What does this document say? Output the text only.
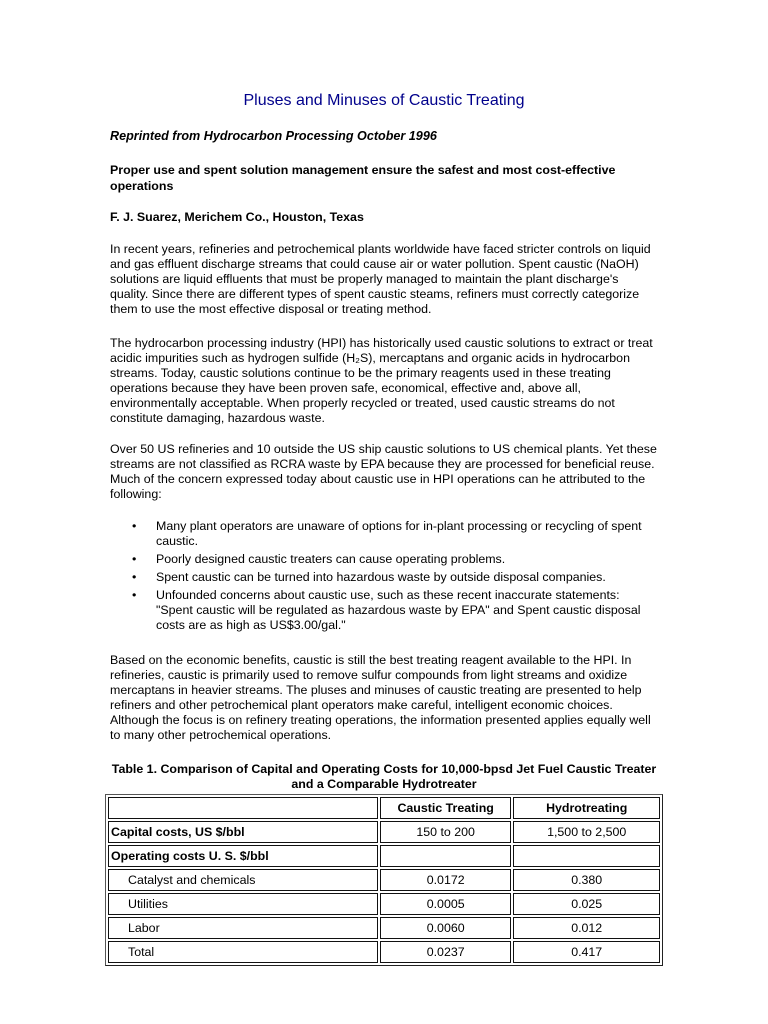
Pluses and Minuses of Caustic Treating

Reprinted from Hydrocarbon Processing October 1996

Proper use and spent solution management ensure the safest and most cost-effective operations

F. J. Suarez, Merichem Co., Houston, Texas

In recent years, refineries and petrochemical plants worldwide have faced stricter controls on liquid and gas effluent discharge streams that could cause air or water pollution. Spent caustic (NaOH) solutions are liquid effluents that must be properly managed to maintain the plant discharge's quality. Since there are different types of spent caustic steams, refiners must correctly categorize them to use the most effective disposal or treating method.

The hydrocarbon processing industry (HPI) has historically used caustic solutions to extract or treat acidic impurities such as hydrogen sulfide (H₂S), mercaptans and organic acids in hydrocarbon streams. Today, caustic solutions continue to be the primary reagents used in these treating operations because they have been proven safe, economical, effective and, above all, environmentally acceptable. When properly recycled or treated, used caustic streams do not constitute damaging, hazardous waste.

Over 50 US refineries and 10 outside the US ship caustic solutions to US chemical plants. Yet these streams are not classified as RCRA waste by EPA because they are processed for beneficial reuse. Much of the concern expressed today about caustic use in HPI operations can he attributed to the following:

• Many plant operators are unaware of options for in-plant processing or recycling of spent caustic.
• Poorly designed caustic treaters can cause operating problems.
• Spent caustic can be turned into hazardous waste by outside disposal companies.
• Unfounded concerns about caustic use, such as these recent inaccurate statements: "Spent caustic will be regulated as hazardous waste by EPA" and Spent caustic disposal costs are as high as US$3.00/gal."

Based on the economic benefits, caustic is still the best treating reagent available to the HPI. In refineries, caustic is primarily used to remove sulfur compounds from light streams and oxidize mercaptans in heavier streams. The pluses and minuses of caustic treating are presented to help refiners and other petrochemical plant operators make careful, intelligent economic choices. Although the focus is on refinery treating operations, the information presented applies equally well to many other petrochemical operations.

Table 1. Comparison of Capital and Operating Costs for 10,000-bpsd Jet Fuel Caustic Treater and a Comparable Hydrotreater

	Caustic Treating	Hydrotreating
Capital costs, US $/bbl	150 to 200	1,500 to 2,500
Operating costs U. S. $/bbl		
Catalyst and chemicals	0.0172	0.380
Utilities	0.0005	0.025
Labor	0.0060	0.012
Total	0.0237	0.417
